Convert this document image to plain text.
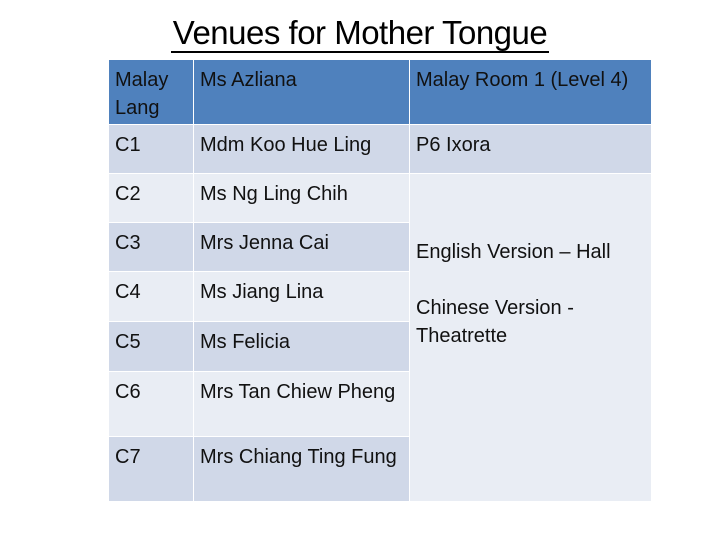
Venues for Mother Tongue
Malay Lang	Ms Azliana	Malay Room 1 (Level 4)	
C1	Mdm Koo Hue Ling	P6 Ixora	
C2	Ms Ng Ling Chih	English Version – Hall
Chinese Version - Theatrette	

C3	Mrs Jenna Cai		
C4	Ms Jiang Lina		
C5	Ms Felicia		
C6	Mrs Tan Chiew Pheng		
C7	Mrs Chiang Ting Fung		
